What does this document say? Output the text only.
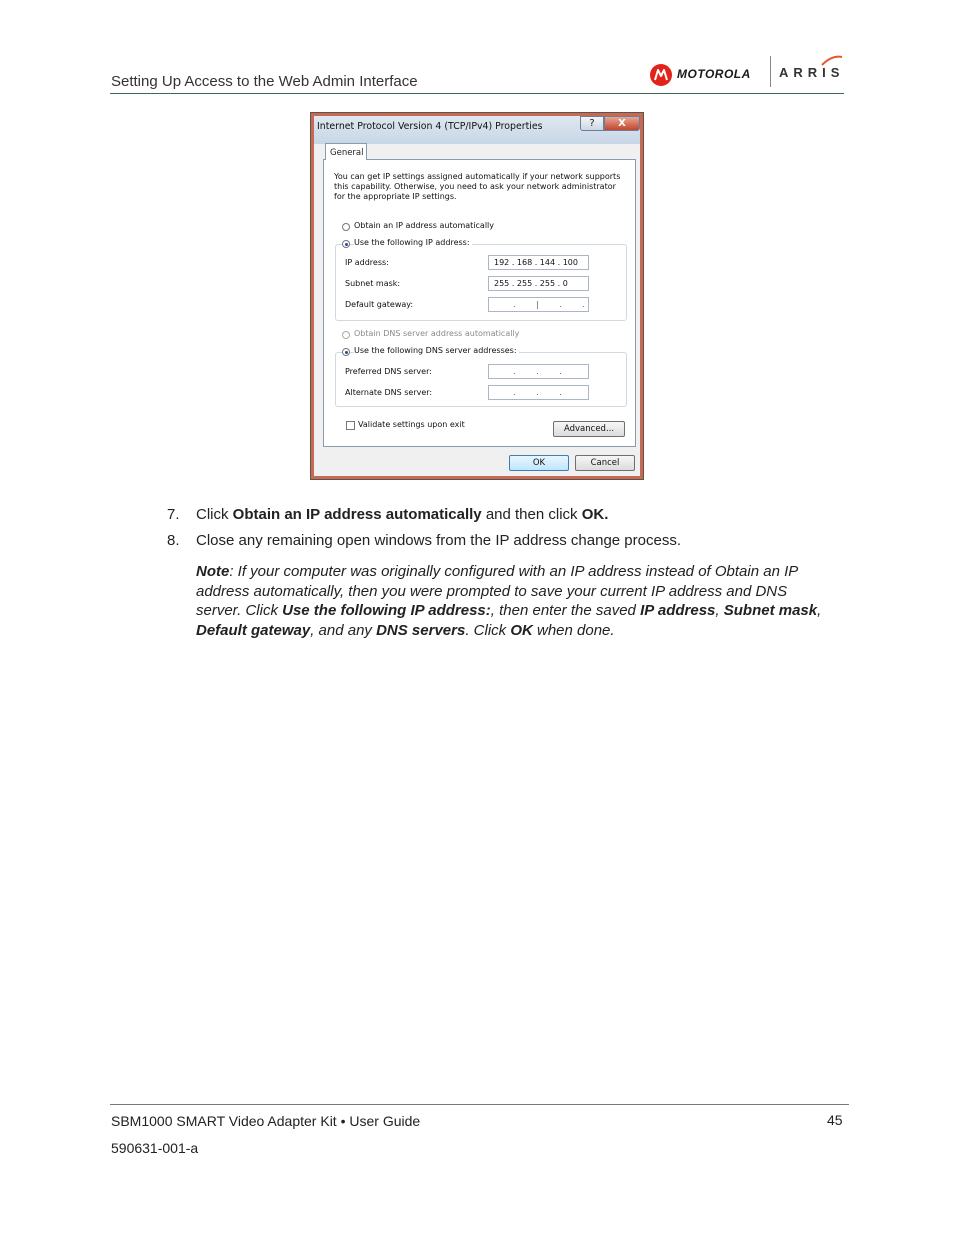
Setting Up Access to the Web Admin Interface	MOTOROLA ARRIS
Internet Protocol Version 4 (TCP/IPv4) Properties	?	X
General
You can get IP settings assigned automatically if your network supports
this capability. Otherwise, you need to ask your network administrator
for the appropriate IP settings.
Obtain an IP address automatically
Use the following IP address:
IP address:	192 . 168 . 144 . 100
Subnet mask:	255 . 255 . 255 . 0
Default gateway:	. | . .
Obtain DNS server address automatically
Use the following DNS server addresses:
Preferred DNS server:	. . .
Alternate DNS server:	. . .
Validate settings upon exit	Advanced...
OK	Cancel
7. Click Obtain an IP address automatically and then click OK.
8. Close any remaining open windows from the IP address change process.
Note: If your computer was originally configured with an IP address instead of Obtain an IP address automatically, then you were prompted to save your current IP address and DNS server. Click Use the following IP address:, then enter the saved IP address, Subnet mask, Default gateway, and any DNS servers. Click OK when done.
SBM1000 SMART Video Adapter Kit • User Guide	45
590631-001-a
